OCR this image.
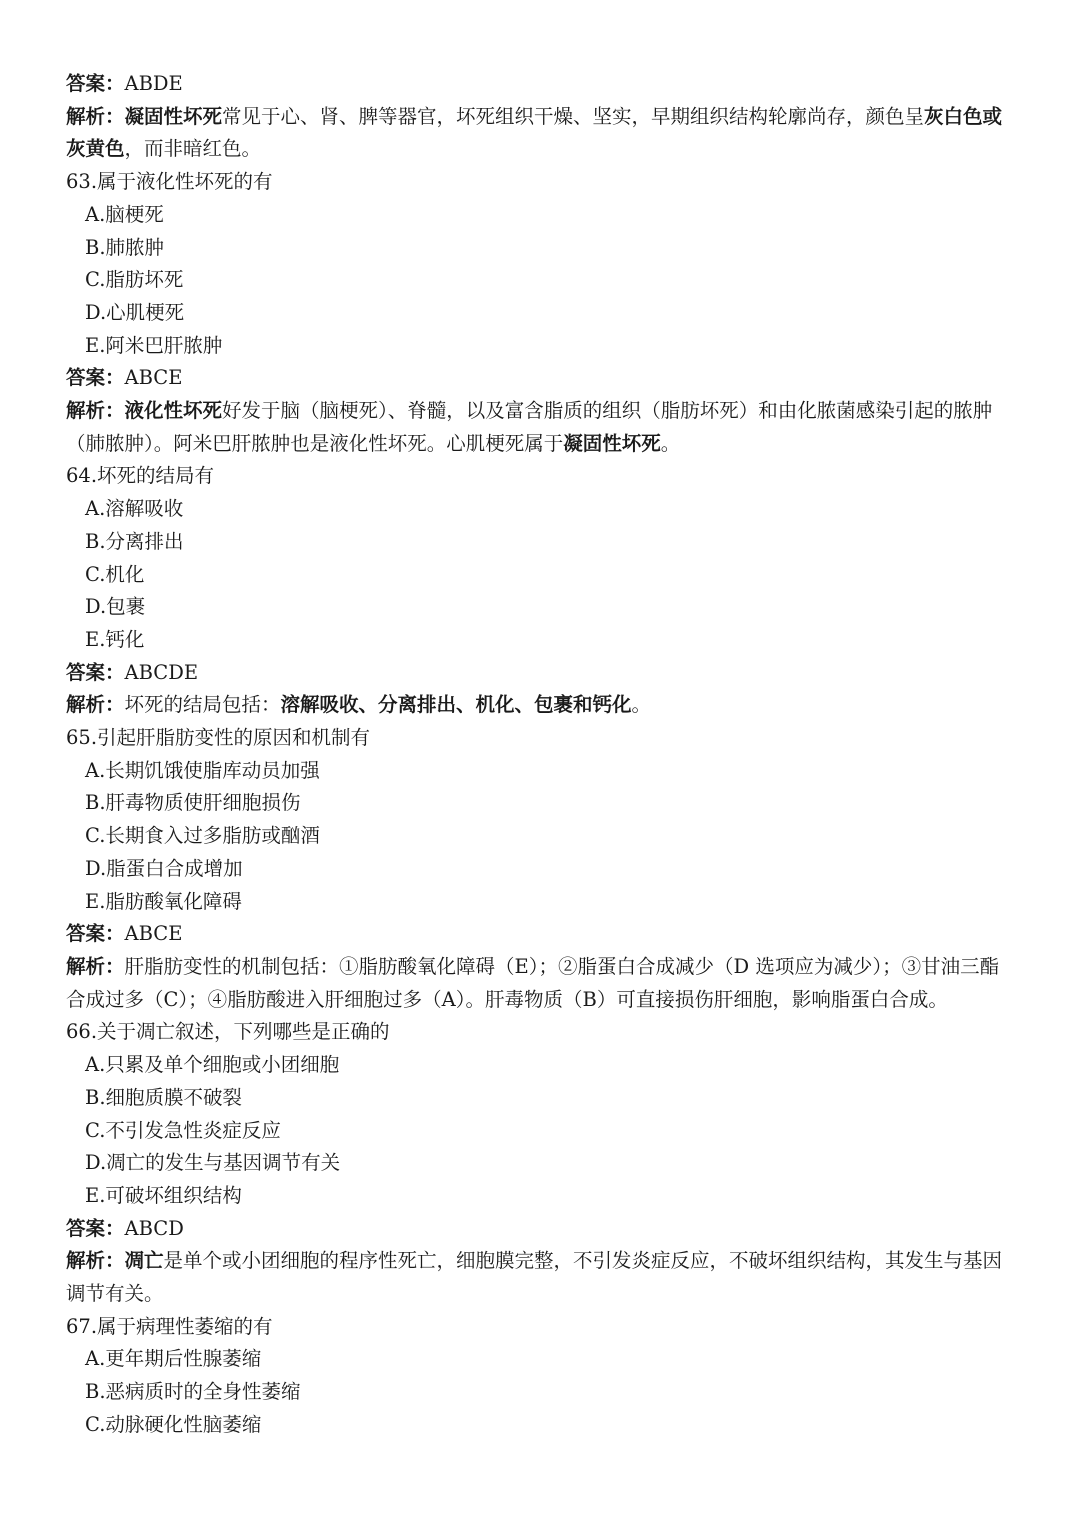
答案：ABDE
解析：凝固性坏死常见于心、肾、脾等器官，坏死组织干燥、坚实，早期组织结构轮廓尚存，颜色呈灰白色或灰黄色，而非暗红色。
63.属于液化性坏死的有
A.脑梗死
B.肺脓肿
C.脂肪坏死
D.心肌梗死
E.阿米巴肝脓肿
答案：ABCE
解析：液化性坏死好发于脑（脑梗死）、脊髓，以及富含脂质的组织（脂肪坏死）和由化脓菌感染引起的脓肿（肺脓肿）。阿米巴肝脓肿也是液化性坏死。心肌梗死属于凝固性坏死。
64.坏死的结局有
A.溶解吸收
B.分离排出
C.机化
D.包裹
E.钙化
答案：ABCDE
解析：坏死的结局包括：溶解吸收、分离排出、机化、包裹和钙化。
65.引起肝脂肪变性的原因和机制有
A.长期饥饿使脂库动员加强
B.肝毒物质使肝细胞损伤
C.长期食入过多脂肪或酗酒
D.脂蛋白合成增加
E.脂肪酸氧化障碍
答案：ABCE
解析：肝脂肪变性的机制包括：①脂肪酸氧化障碍（E）；②脂蛋白合成减少（D 选项应为减少）；③甘油三酯合成过多（C）；④脂肪酸进入肝细胞过多（A）。肝毒物质（B）可直接损伤肝细胞，影响脂蛋白合成。
66.关于凋亡叙述，下列哪些是正确的
A.只累及单个细胞或小团细胞
B.细胞质膜不破裂
C.不引发急性炎症反应
D.凋亡的发生与基因调节有关
E.可破坏组织结构
答案：ABCD
解析：凋亡是单个或小团细胞的程序性死亡，细胞膜完整，不引发炎症反应，不破坏组织结构，其发生与基因调节有关。
67.属于病理性萎缩的有
A.更年期后性腺萎缩
B.恶病质时的全身性萎缩
C.动脉硬化性脑萎缩
